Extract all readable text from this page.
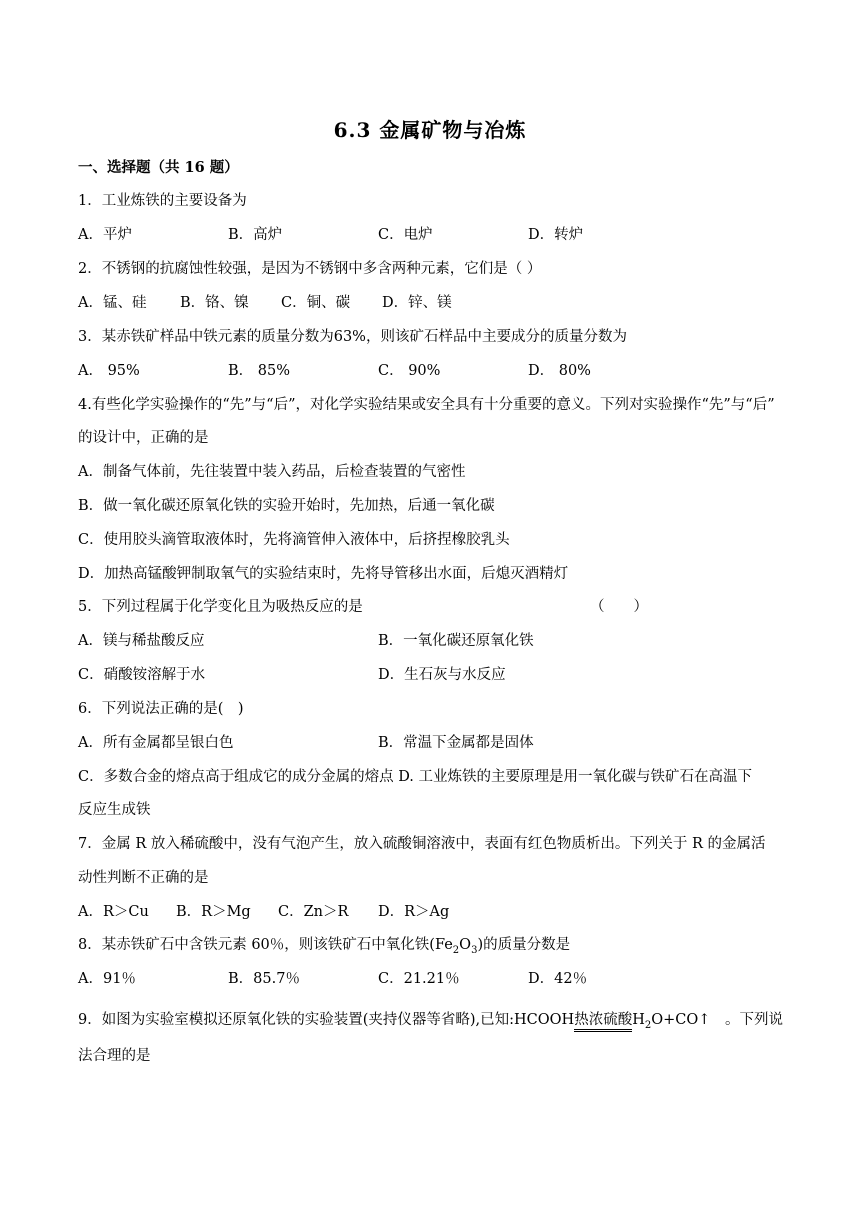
6.3 金属矿物与冶炼
一、选择题（共 16 题）
1．工业炼铁的主要设备为
A．平炉	B．高炉	C．电炉	D．转炉
2．不锈钢的抗腐蚀性较强，是因为不锈钢中多含两种元素，它们是（ ）
A．锰、硅 B．铬、镍 C．铜、碳 D．锌、镁
3．某赤铁矿样品中铁元素的质量分数为63%，则该矿石样品中主要成分的质量分数为
A． 95%	B． 85%	C． 90%	D． 80%
4.有些化学实验操作的“先”与“后”，对化学实验结果或安全具有十分重要的意义。下列对实验操作“先”与“后”
的设计中，正确的是
A．制备气体前，先往装置中装入药品，后检查装置的气密性
B．做一氧化碳还原氧化铁的实验开始时，先加热，后通一氧化碳
C．使用胶头滴管取液体时，先将滴管伸入液体中，后挤捏橡胶乳头
D．加热高锰酸钾制取氧气的实验结束时，先将导管移出水面，后熄灭酒精灯
5．下列过程属于化学变化且为吸热反应的是	（　　）
A．镁与稀盐酸反应	B．一氧化碳还原氧化铁
C．硝酸铵溶解于水	D．生石灰与水反应
6．下列说法正确的是(　)
A．所有金属都呈银白色	B．常温下金属都是固体
C．多数合金的熔点高于组成它的成分金属的熔点 D. 工业炼铁的主要原理是用一氧化碳与铁矿石在高温下
反应生成铁
7．金属 R 放入稀硫酸中，没有气泡产生，放入硫酸铜溶液中，表面有红色物质析出。下列关于 R 的金属活
动性判断不正确的是
A．R＞Cu B．R＞Mg C．Zn＞R D．R＞Ag
8．某赤铁矿石中含铁元素 60％，则该铁矿石中氧化铁$(Fe_2O_3)$的质量分数是
A．91％	B．85.7％	C．21.21％	D．42％
9．如图为实验室模拟还原氧化铁的实验装置(夹持仪器等省略),已知:HCOOH热浓硫酸$H_2O+CO↑$ 。下列说
法合理的是
